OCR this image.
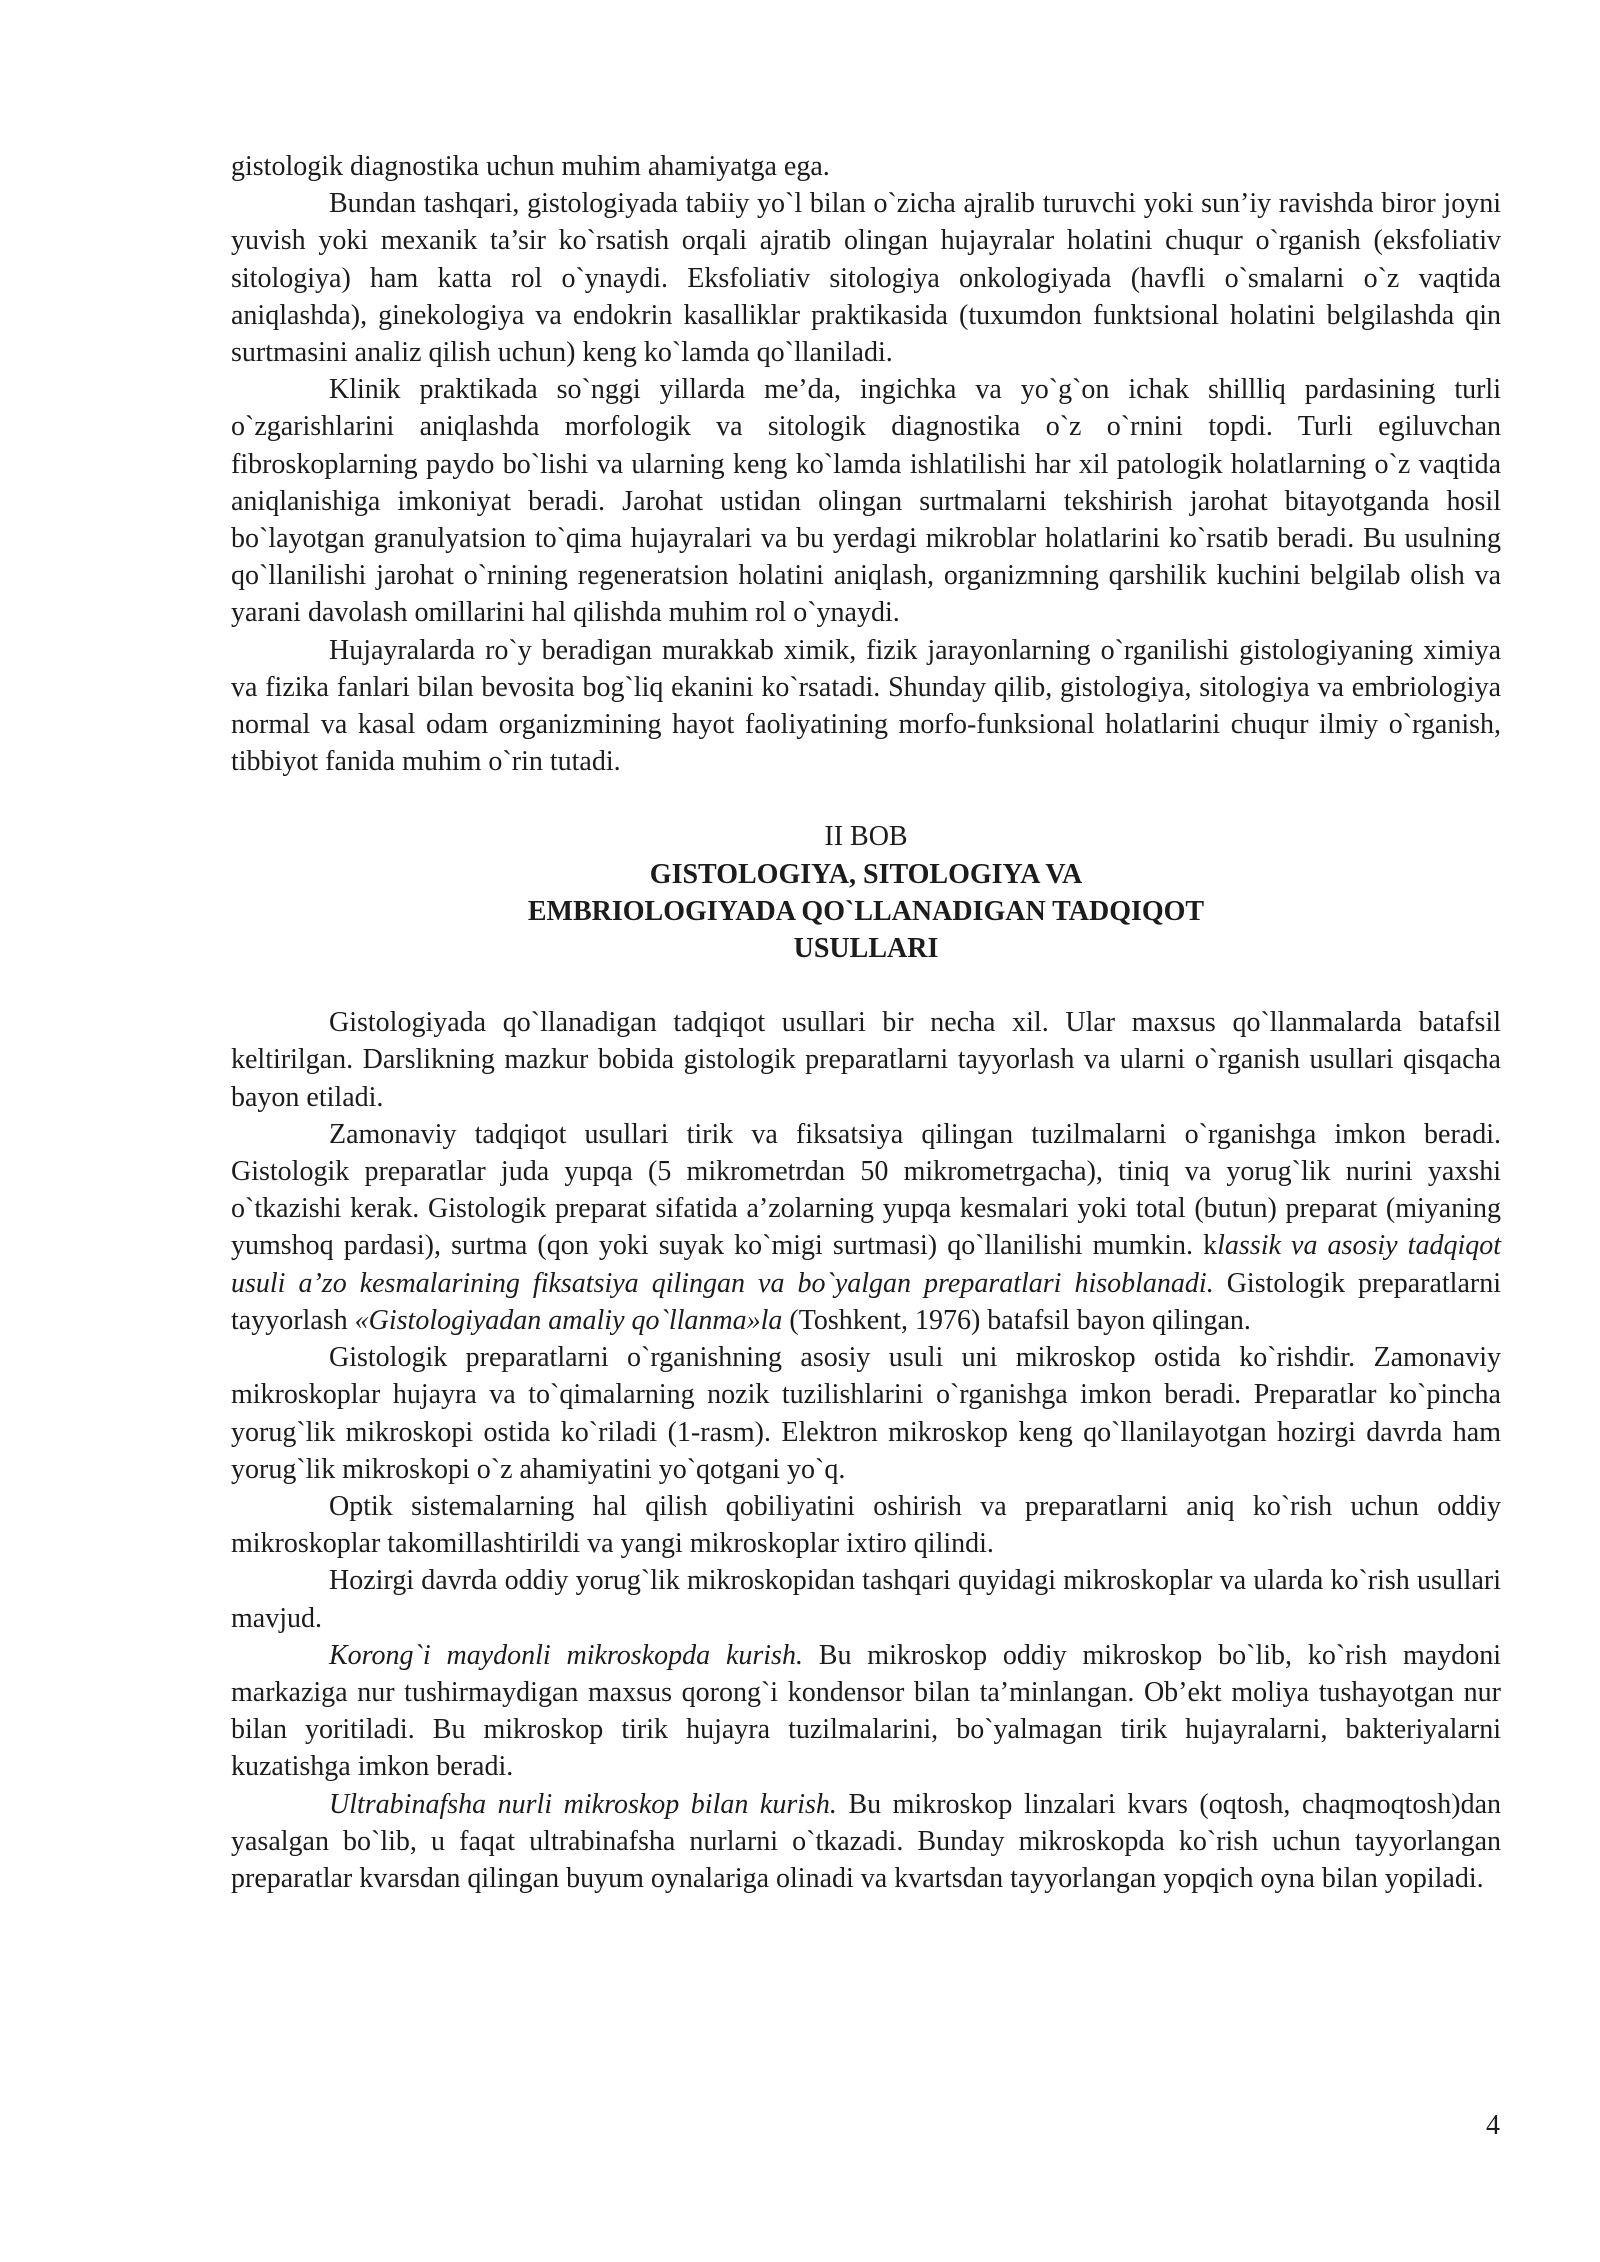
gistologik diagnostika uchun muhim ahamiyatga ega.

Bundan tashqari, gistologiyada tabiiy yo`l bilan o`zicha ajralib turuvchi yoki sun’iy ravishda biror joyni yuvish yoki mexanik ta’sir ko`rsatish orqali ajratib olingan hujayralar holatini chuqur o`rganish (eksfoliativ sitologiya) ham katta rol o`ynaydi. Eksfoliativ sitologiya onkologiyada (havfli o`smalarni o`z vaqtida aniqlashda), ginekologiya va endokrin kasalliklar praktikasida (tuxumdon funktsional holatini belgilashda qin surtmasini analiz qilish uchun) keng ko`lamda qo`llaniladi.

Klinik praktikada so`nggi yillarda me’da, ingichka va yo`g`on ichak shillliq pardasining turli o`zgarishlarini aniqlashda morfologik va sitologik diagnostika o`z o`rnini topdi. Turli egiluvchan fibroskoplarning paydo bo`lishi va ularning keng ko`lamda ishlatilishi har xil patologik holatlarning o`z vaqtida aniqlanishiga imkoniyat beradi. Jarohat ustidan olingan surtmalarni tekshirish jarohat bitayotganda hosil bo`layotgan granulyatsion to`qima hujayralari va bu yerdagi mikroblar holatlarini ko`rsatib beradi. Bu usulning qo`llanilishi jarohat o`rnining regeneratsion holatini aniqlash, organizmning qarshilik kuchini belgilab olish va yarani davolash omillarini hal qilishda muhim rol o`ynaydi.

Hujayralarda ro`y beradigan murakkab ximik, fizik jarayonlarning o`rganilishi gistologiyaning ximiya va fizika fanlari bilan bevosita bog`liq ekanini ko`rsatadi. Shunday qilib, gistologiya, sitologiya va embriologiya normal va kasal odam organizmining hayot faoliyatining morfo-funksional holatlarini chuqur ilmiy o`rganish, tibbiyot fanida muhim o`rin tutadi.

II BOB
GISTOLOGIYA, SITOLOGIYA VA
EMBRIOLOGIYADA QO`LLANADIGAN TADQIQOT
USULLARI

Gistologiyada qo`llanadigan tadqiqot usullari bir necha xil. Ular maxsus qo`llanmalarda batafsil keltirilgan. Darslikning mazkur bobida gistologik preparatlarni tayyorlash va ularni o`rganish usullari qisqacha bayon etiladi.

Zamonaviy tadqiqot usullari tirik va fiksatsiya qilingan tuzilmalarni o`rganishga imkon beradi. Gistologik preparatlar juda yupqa (5 mikrometrdan 50 mikrometrgacha), tiniq va yorug`lik nurini yaxshi o`tkazishi kerak. Gistologik preparat sifatida a’zolarning yupqa kesmalari yoki total (butun) preparat (miyaning yumshoq pardasi), surtma (qon yoki suyak ko`migi surtmasi) qo`llanilishi mumkin. klassik va asosiy tadqiqot usuli a’zo kesmalarining fiksatsiya qilingan va bo`yalgan preparatlari hisoblanadi. Gistologik preparatlarni tayyorlash «Gistologiyadan amaliy qo`llanma»la (Toshkent, 1976) batafsil bayon qilingan.

Gistologik preparatlarni o`rganishning asosiy usuli uni mikroskop ostida ko`rishdir. Zamonaviy mikroskoplar hujayra va to`qimalarning nozik tuzilishlarini o`rganishga imkon beradi. Preparatlar ko`pincha yorug`lik mikroskopi ostida ko`riladi (1-rasm). Elektron mikroskop keng qo`llanilayotgan hozirgi davrda ham yorug`lik mikroskopi o`z ahamiyatini yo`qotgani yo`q.

Optik sistemalarning hal qilish qobiliyatini oshirish va preparatlarni aniq ko`rish uchun oddiy mikroskoplar takomillashtirildi va yangi mikroskoplar ixtiro qilindi.

Hozirgi davrda oddiy yorug`lik mikroskopidan tashqari quyidagi mikroskoplar va ularda ko`rish usullari mavjud.

Korong`i maydonli mikroskopda kurish. Bu mikroskop oddiy mikroskop bo`lib, ko`rish maydoni markaziga nur tushirmaydigan maxsus qorong`i kondensor bilan ta’minlangan. Ob’ekt moliya tushayotgan nur bilan yoritiladi. Bu mikroskop tirik hujayra tuzilmalarini, bo`yalmagan tirik hujayralarni, bakteriyalarni kuzatishga imkon beradi.

Ultrabinafsha nurli mikroskop bilan kurish. Bu mikroskop linzalari kvars (oqtosh, chaqmoqtosh)dan yasalgan bo`lib, u faqat ultrabinafsha nurlarni o`tkazadi. Bunday mikroskopda ko`rish uchun tayyorlangan preparatlar kvarsdan qilingan buyum oynalariga olinadi va kvartsdan tayyorlangan yopqich oyna bilan yopiladi.

4
